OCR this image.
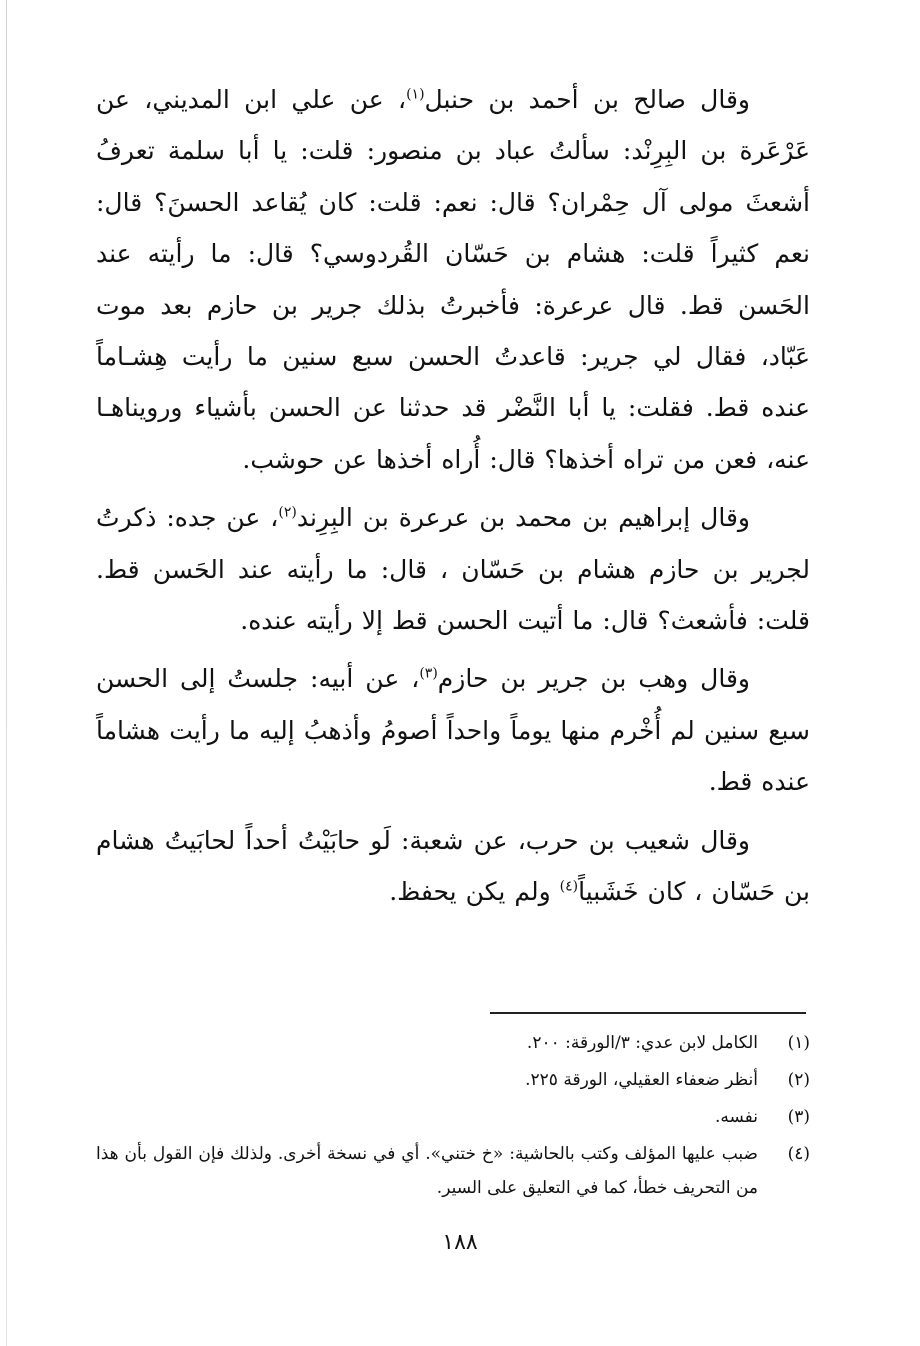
وقال صالح بن أحمد بن حنبل$^{(١)}$، عن علي ابن المديني، عن عَرْعَرة بن البِرِنْد: سألتُ عباد بن منصور: قلت: يا أبا سلمة تعرفُ أشعثَ مولى آل حِمْران؟ قال: نعم: قلت: كان يُقاعد الحسنَ؟ قال: نعم كثيراً قلت: هشام بن حَسّان القُردوسي؟ قال: ما رأيته عند الحَسن قط. قال عرعرة: فأخبرتُ بذلك جرير بن حازم بعد موت عَبّاد، فقال لي جرير: قاعدتُ الحسن سبع سنين ما رأيت هِشـاماً عنده قط. فقلت: يا أبا النَّضْر قد حدثنا عن الحسن بأشياء ورويناهـا عنه، فعن من تراه أخذها؟ قال: أُراه أخذها عن حوشب.

وقال إبراهيم بن محمد بن عرعرة بن البِرِند$^{(٢)}$، عن جده: ذكرتُ لجرير بن حازم هشام بن حَسّان ، قال: ما رأيته عند الحَسن قط. قلت: فأشعث؟ قال: ما أتيت الحسن قط إلا رأيته عنده.

وقال وهب بن جرير بن حازم$^{(٣)}$، عن أبيه: جلستُ إلى الحسن سبع سنين لم أُخْرم منها يوماً واحداً أصومُ وأذهبُ إليه ما رأيت هشاماً عنده قط.

وقال شعيب بن حرب، عن شعبة: لَو حابَيْتُ أحداً لحابَيتُ هشام بن حَسّان ، كان خَشَبياً$^{(٤)}$ ولم يكن يحفظ.

(١)
الكامل لابن عدي: ٣/الورقة: ٢٠٠.
(٢)
أنظر ضعفاء العقيلي، الورقة ٢٢٥.
(٣)
نفسه.
(٤)
ضبب عليها المؤلف وكتب بالحاشية: «خ ختني». أي في نسخة أخرى. ولذلك فإن القول بأن هذا من التحريف خطأ، كما في التعليق على السير.
١٨٨
